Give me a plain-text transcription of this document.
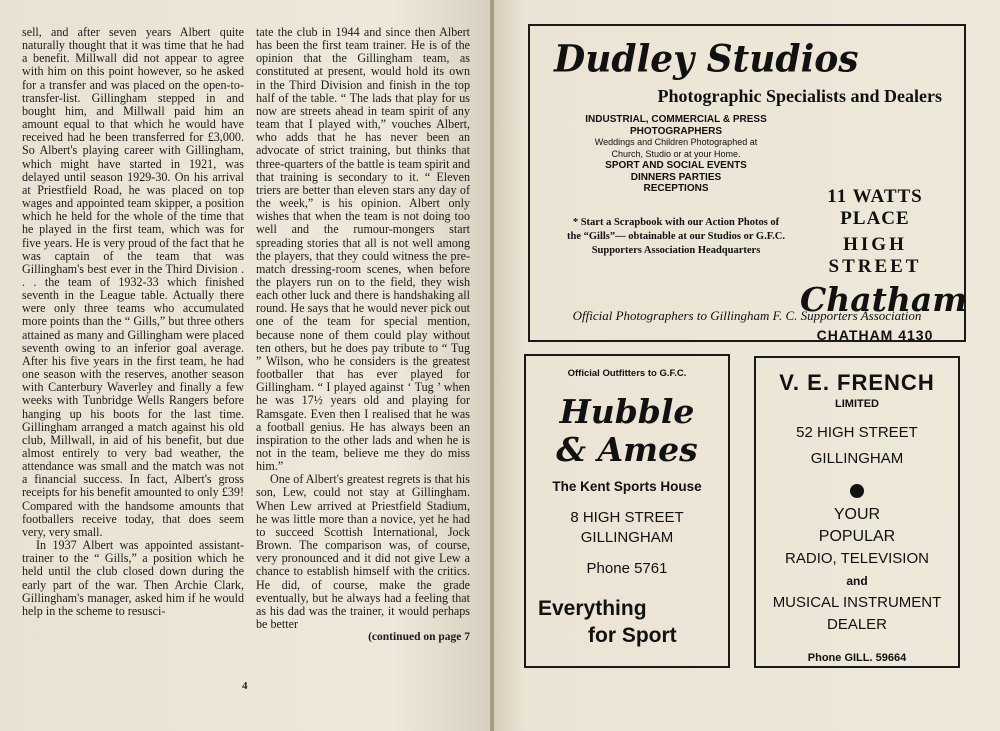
sell, and after seven years Albert quite naturally thought that it was time that he had a benefit. Millwall did not appear to agree with him on this point however, so he asked for a transfer and was placed on the open-to-transfer-list. Gillingham stepped in and bought him, and Millwall paid him an amount equal to that which he would have received had he been transferred for £3,000. So Albert's playing career with Gillingham, which might have started in 1921, was delayed until season 1929-30. On his arrival at Priestfield Road, he was placed on top wages and appointed team skipper, a position which he held for the whole of the time that he played in the first team, which was for five years. He is very proud of the fact that he was captain of the team that was Gillingham's best ever in the Third Division . . . the team of 1932-33 which finished seventh in the League table. Actually there were only three teams who accumulated more points than the “ Gills,” but three others attained as many and Gillingham were placed seventh owing to an inferior goal average. After his five years in the first team, he had one season with the reserves, another season with Canterbury Waverley and finally a few weeks with Tunbridge Wells Rangers before hanging up his boots for the last time. Gillingham arranged a match against his old club, Millwall, in aid of his benefit, but due almost entirely to very bad weather, the attendance was small and the match was not a financial success. In fact, Albert's gross receipts for his benefit amounted to only £39! Compared with the handsome amounts that footballers receive today, that does seem very, very small.

In 1937 Albert was appointed assistant-trainer to the “ Gills,” a position which he held until the club closed down during the early part of the war. Then Archie Clark, Gillingham's manager, asked him if he would help in the scheme to resusci-

tate the club in 1944 and since then Albert has been the first team trainer. He is of the opinion that the Gillingham team, as constituted at present, would hold its own in the Third Division and finish in the top half of the table. “ The lads that play for us now are streets ahead in team spirit of any team that I played with,” vouches Albert, who adds that he has never been an advocate of strict training, but thinks that three-quarters of the battle is team spirit and that training is secondary to it. “ Eleven triers are better than eleven stars any day of the week,” is his opinion. Albert only wishes that when the team is not doing too well and the rumour-mongers start spreading stories that all is not well among the players, that they could witness the pre-match dressing-room scenes, when before the players run on to the field, they wish each other luck and there is handshaking all round. He says that he would never pick out one of the team for special mention, because none of them could play without ten others, but he does pay tribute to “ Tug ” Wilson, who he considers is the greatest footballer that has ever played for Gillingham. “ I played against ‘ Tug ’ when he was 17½ years old and playing for Ramsgate. Even then I realised that he was a football genius. He has always been an inspiration to the other lads and when he is not in the team, believe me they do miss him.”

One of Albert's greatest regrets is that his son, Lew, could not stay at Gillingham. When Lew arrived at Priestfield Stadium, he was little more than a novice, yet he had to succeed Scottish International, Jock Brown. The comparison was, of course, very pronounced and it did not give Lew a chance to establish himself with the critics. He did, of course, make the grade eventually, but he always had a feeling that as his dad was the trainer, it would perhaps be better

(continued on page 7
4
Dudley Studios
Photographic Specialists and Dealers
INDUSTRIAL, COMMERCIAL & PRESS
PHOTOGRAPHERS
Weddings and Children Photographed at
Church, Studio or at your Home.
SPORT AND SOCIAL EVENTS
DINNERS PARTIES
RECEPTIONS
* Start a Scrapbook with our Action Photos of the “Gills”— obtainable at our Studios or G.F.C. Supporters Association Headquarters
11 WATTS PLACE
HIGH STREET
Chatham
CHATHAM 4130
Official Photographers to Gillingham F. C. Supporters Association
Official Outfitters to G.F.C.
Hubble
& Ames
The Kent Sports House
8 HIGH STREET
GILLINGHAM
Phone 5761
Everything
for Sport
V. E. FRENCH
LIMITED
52 HIGH STREET
GILLINGHAM
YOUR
POPULAR
RADIO, TELEVISION
and
MUSICAL INSTRUMENT
DEALER
Phone GILL. 59664
